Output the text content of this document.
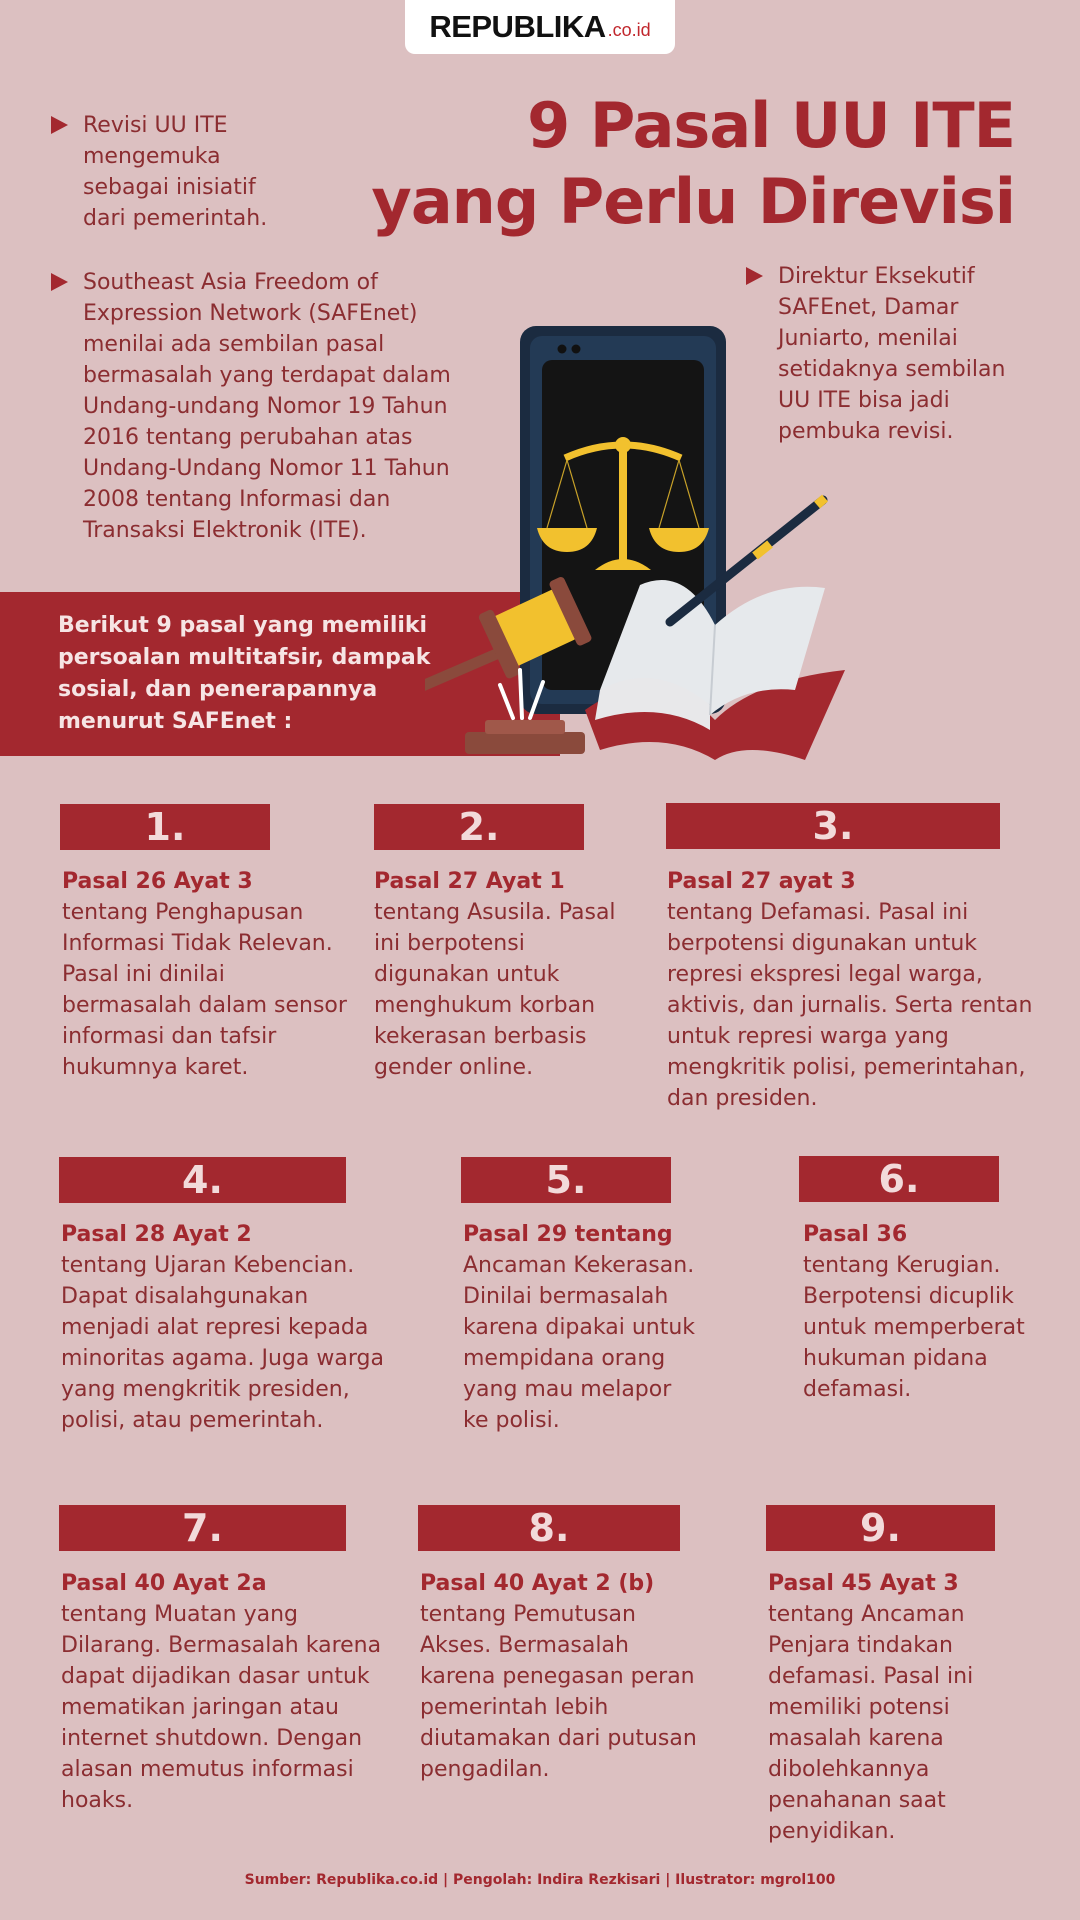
REPUBLIKA .co.id
9 Pasal UU ITE
yang Perlu Direvisi
Revisi UU ITE mengemuka sebagai inisiatif dari pemerintah.
Southeast Asia Freedom of Expression Network (SAFEnet) menilai ada sembilan pasal bermasalah yang terdapat dalam Undang-undang Nomor 19 Tahun 2016 tentang perubahan atas Undang-Undang Nomor 11 Tahun 2008 tentang Informasi dan Transaksi Elektronik (ITE).
Direktur Eksekutif SAFEnet, Damar Juniarto, menilai setidaknya sembilan UU ITE bisa jadi pembuka revisi.
Berikut 9 pasal yang memiliki persoalan multitafsir, dampak sosial, dan penerapannya menurut SAFEnet :
1.
Pasal 26 Ayat 3
tentang Penghapusan Informasi Tidak Relevan. Pasal ini dinilai bermasalah dalam sensor informasi dan tafsir hukumnya karet.
2.
Pasal 27 Ayat 1
tentang Asusila. Pasal ini berpotensi digunakan untuk menghukum korban kekerasan berbasis gender online.
3.
Pasal 27 ayat 3
tentang Defamasi. Pasal ini berpotensi digunakan untuk represi ekspresi legal warga, aktivis, dan jurnalis. Serta rentan untuk represi warga yang mengkritik polisi, pemerintahan, dan presiden.
4.
Pasal 28 Ayat 2
tentang Ujaran Kebencian. Dapat disalahgunakan menjadi alat represi kepada minoritas agama. Juga warga yang mengkritik presiden, polisi, atau pemerintah.
5.
Pasal 29 tentang
Ancaman Kekerasan. Dinilai bermasalah karena dipakai untuk mempidana orang yang mau melapor ke polisi.
6.
Pasal 36
tentang Kerugian. Berpotensi dicuplik untuk memperberat hukuman pidana defamasi.
7.
Pasal 40 Ayat 2a
tentang Muatan yang Dilarang. Bermasalah karena dapat dijadikan dasar untuk mematikan jaringan atau internet shutdown. Dengan alasan memutus informasi hoaks.
8.
Pasal 40 Ayat 2 (b)
tentang Pemutusan Akses. Bermasalah karena penegasan peran pemerintah lebih diutamakan dari putusan pengadilan.
9.
Pasal 45 Ayat 3
tentang Ancaman Penjara tindakan defamasi. Pasal ini memiliki potensi masalah karena dibolehkannya penahanan saat penyidikan.
Sumber: Republika.co.id | Pengolah: Indira Rezkisari | Ilustrator: mgrol100
